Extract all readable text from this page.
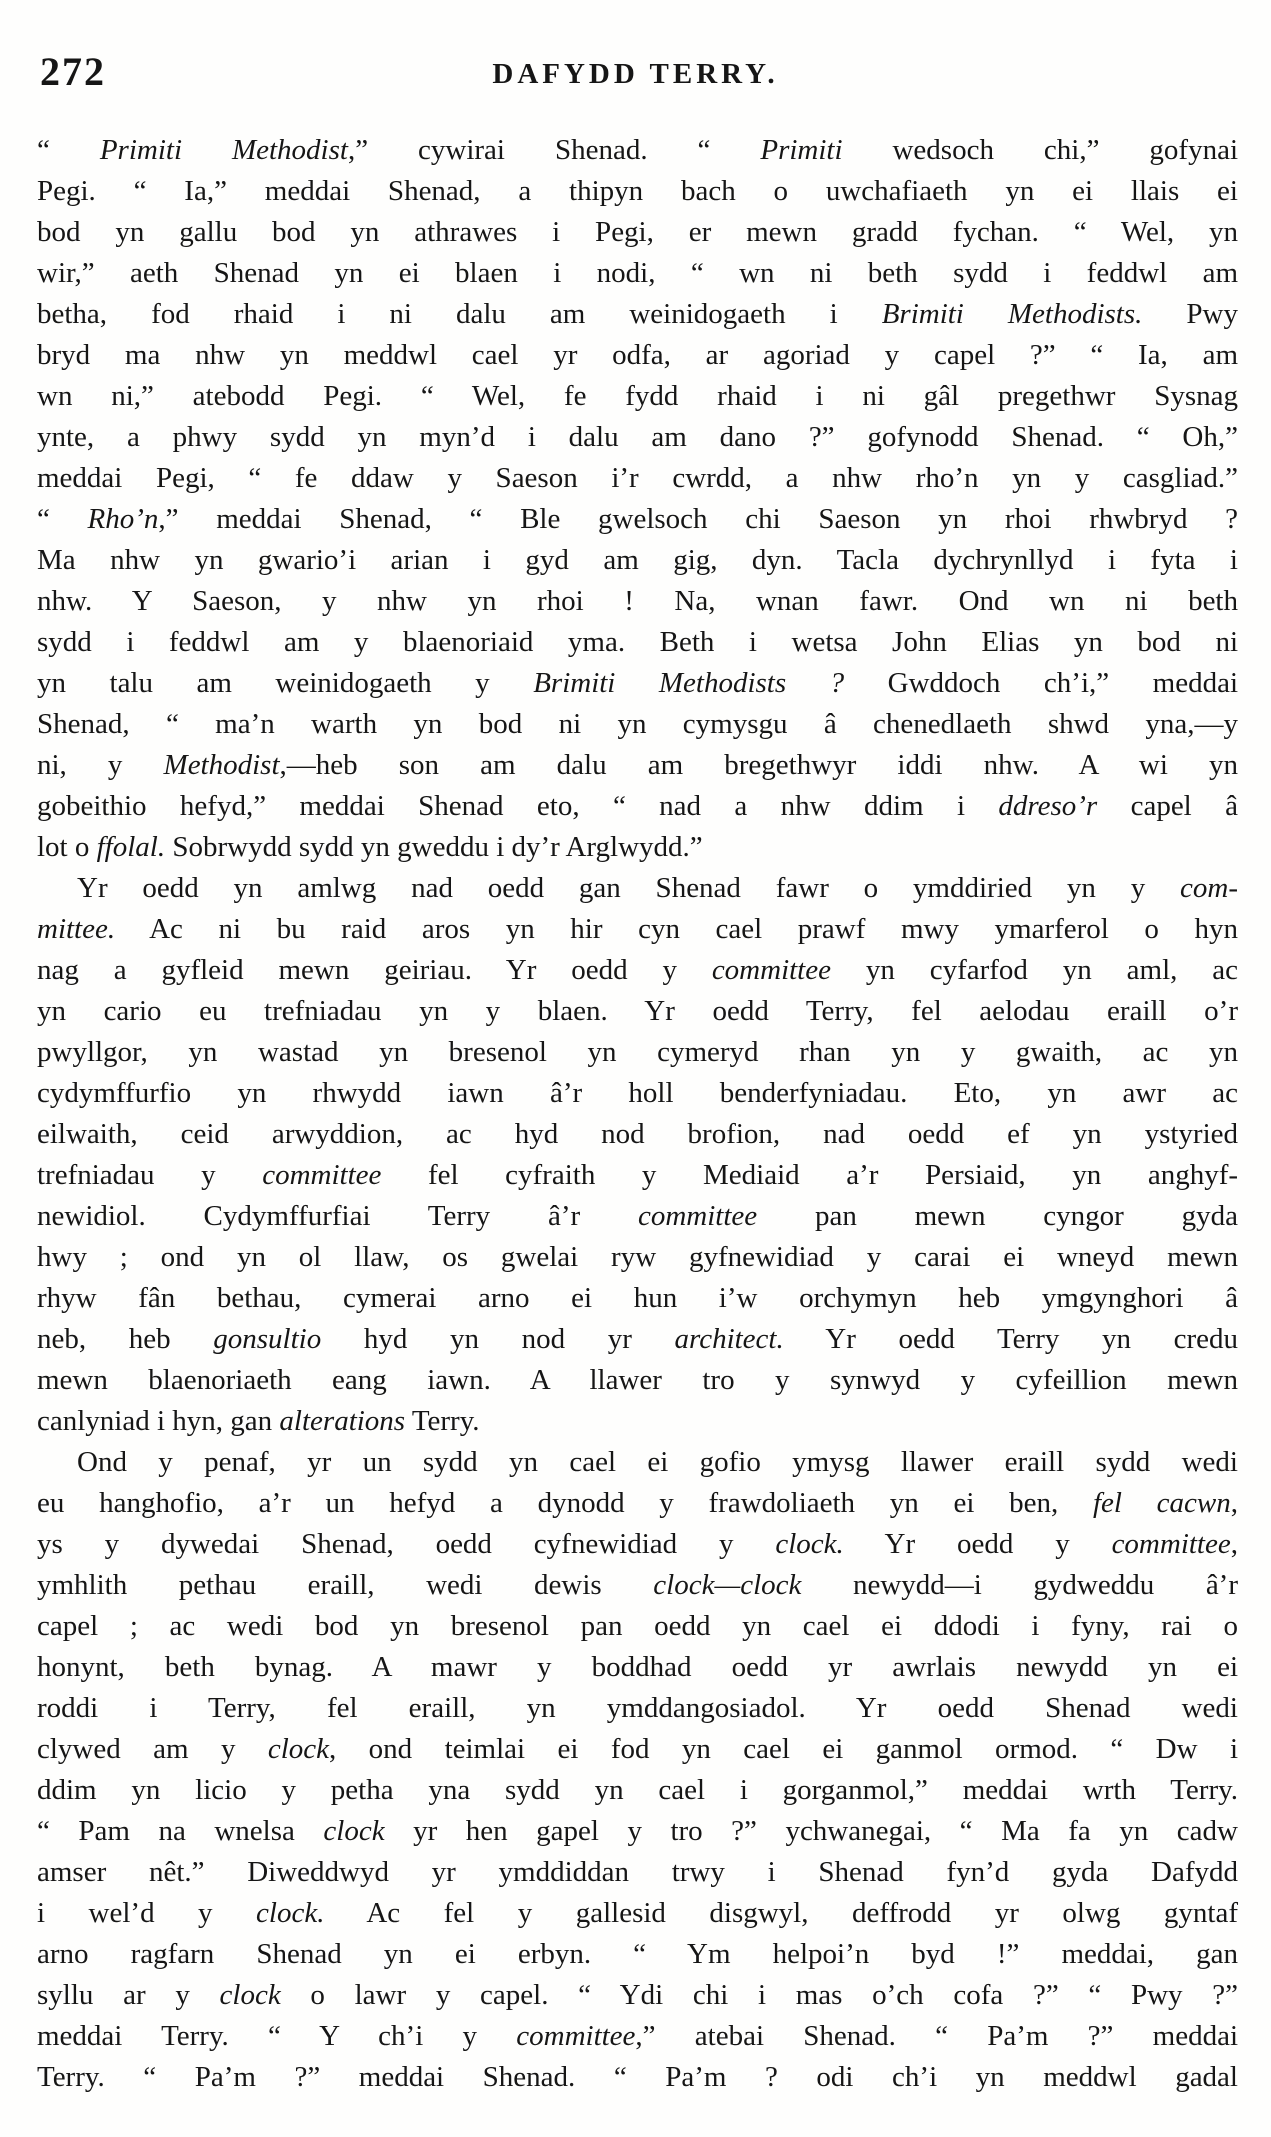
272	DAFYDD TERRY.
“ Primiti Methodist,” cywirai Shenad. “ Primiti wedsoch chi,” gofynai
Pegi. “ Ia,” meddai Shenad, a thipyn bach o uwchafiaeth yn ei llais ei
bod yn gallu bod yn athrawes i Pegi, er mewn gradd fychan. “ Wel, yn
wir,” aeth Shenad yn ei blaen i nodi, “ wn ni beth sydd i feddwl am
betha, fod rhaid i ni dalu am weinidogaeth i Brimiti Methodists. Pwy
bryd ma nhw yn meddwl cael yr odfa, ar agoriad y capel ?” “ Ia, am
wn ni,” atebodd Pegi. “ Wel, fe fydd rhaid i ni gâl pregethwr Sysnag
ynte, a phwy sydd yn myn’d i dalu am dano ?” gofynodd Shenad. “ Oh,”
meddai Pegi, “ fe ddaw y Saeson i’r cwrdd, a nhw rho’n yn y casgliad.”
“ Rho’n,” meddai Shenad, “ Ble gwelsoch chi Saeson yn rhoi rhwbryd ?
Ma nhw yn gwario’i arian i gyd am gig, dyn. Tacla dychrynllyd i fyta i
nhw. Y Saeson, y nhw yn rhoi ! Na, wnan fawr. Ond wn ni beth
sydd i feddwl am y blaenoriaid yma. Beth i wetsa John Elias yn bod ni
yn talu am weinidogaeth y Brimiti Methodists ? Gwddoch ch’i,” meddai
Shenad, “ ma’n warth yn bod ni yn cymysgu â chenedlaeth shwd yna,—y
ni, y Methodist,—heb son am dalu am bregethwyr iddi nhw. A wi yn
gobeithio hefyd,” meddai Shenad eto, “ nad a nhw ddim i ddreso’r capel â
lot o ffolal. Sobrwydd sydd yn gweddu i dy’r Arglwydd.”
Yr oedd yn amlwg nad oedd gan Shenad fawr o ymddiried yn y com-
mittee. Ac ni bu raid aros yn hir cyn cael prawf mwy ymarferol o hyn
nag a gyfleid mewn geiriau. Yr oedd y committee yn cyfarfod yn aml, ac
yn cario eu trefniadau yn y blaen. Yr oedd Terry, fel aelodau eraill o’r
pwyllgor, yn wastad yn bresenol yn cymeryd rhan yn y gwaith, ac yn
cydymffurfio yn rhwydd iawn â’r holl benderfyniadau. Eto, yn awr ac
eilwaith, ceid arwyddion, ac hyd nod brofion, nad oedd ef yn ystyried
trefniadau y committee fel cyfraith y Mediaid a’r Persiaid, yn anghyf-
newidiol. Cydymffurfiai Terry â’r committee pan mewn cyngor gyda
hwy ; ond yn ol llaw, os gwelai ryw gyfnewidiad y carai ei wneyd mewn
rhyw fân bethau, cymerai arno ei hun i’w orchymyn heb ymgynghori â
neb, heb gonsultio hyd yn nod yr architect. Yr oedd Terry yn credu
mewn blaenoriaeth eang iawn. A llawer tro y synwyd y cyfeillion mewn
canlyniad i hyn, gan alterations Terry.
Ond y penaf, yr un sydd yn cael ei gofio ymysg llawer eraill sydd wedi
eu hanghofio, a’r un hefyd a dynodd y frawdoliaeth yn ei ben, fel cacwn,
ys y dywedai Shenad, oedd cyfnewidiad y clock. Yr oedd y committee,
ymhlith pethau eraill, wedi dewis clock—clock newydd—i gydweddu â’r
capel ; ac wedi bod yn bresenol pan oedd yn cael ei ddodi i fyny, rai o
honynt, beth bynag. A mawr y boddhad oedd yr awrlais newydd yn ei
roddi i Terry, fel eraill, yn ymddangosiadol. Yr oedd Shenad wedi
clywed am y clock, ond teimlai ei fod yn cael ei ganmol ormod. “ Dw i
ddim yn licio y petha yna sydd yn cael i gorganmol,” meddai wrth Terry.
“ Pam na wnelsa clock yr hen gapel y tro ?” ychwanegai, “ Ma fa yn cadw
amser nêt.” Diweddwyd yr ymddiddan trwy i Shenad fyn’d gyda Dafydd
i wel’d y clock. Ac fel y gallesid disgwyl, deffrodd yr olwg gyntaf
arno ragfarn Shenad yn ei erbyn. “ Ym helpoi’n byd !” meddai, gan
syllu ar y clock o lawr y capel. “ Ydi chi i mas o’ch cofa ?” “ Pwy ?”
meddai Terry. “ Y ch’i y committee,” atebai Shenad. “ Pa’m ?” meddai
Terry. “ Pa’m ?” meddai Shenad. “ Pa’m ? odi ch’i yn meddwl gadal
